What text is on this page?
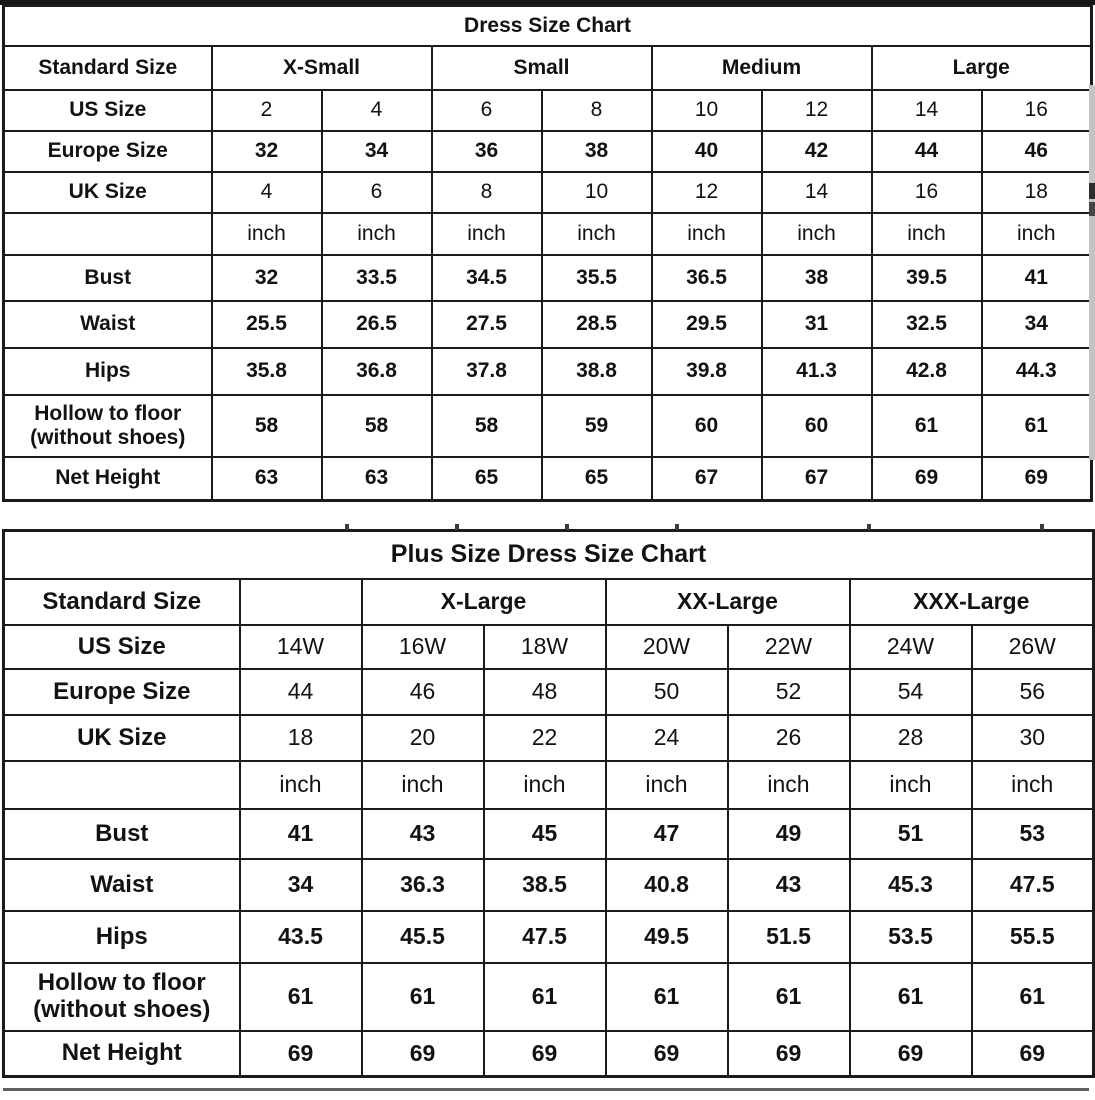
Dress Size Chart								
Standard Size	X-Small		Small		Medium		Large	
US Size	2	4	6	8	10	12	14	16
Europe Size	32	34	36	38	40	42	44	46
UK Size	4	6	8	10	12	14	16	18
	inch	inch	inch	inch	inch	inch	inch	inch
Bust	32	33.5	34.5	35.5	36.5	38	39.5	41
Waist	25.5	26.5	27.5	28.5	29.5	31	32.5	34
Hips	35.8	36.8	37.8	38.8	39.8	41.3	42.8	44.3

Hollow to floor
(without shoes)	58	58	58	59	60	60	61	61
Net Height	63	63	65	65	67	67	69	69
Plus Size Dress Size Chart							
Standard Size		X-Large		XX-Large		XXX-Large	
US Size	14W	16W	18W	20W	22W	24W	26W
Europe Size	44	46	48	50	52	54	56
UK Size	18	20	22	24	26	28	30
	inch	inch	inch	inch	inch	inch	inch
Bust	41	43	45	47	49	51	53
Waist	34	36.3	38.5	40.8	43	45.3	47.5
Hips	43.5	45.5	47.5	49.5	51.5	53.5	55.5

Hollow to floor
(without shoes)	61	61	61	61	61	61	61
Net Height	69	69	69	69	69	69	69
